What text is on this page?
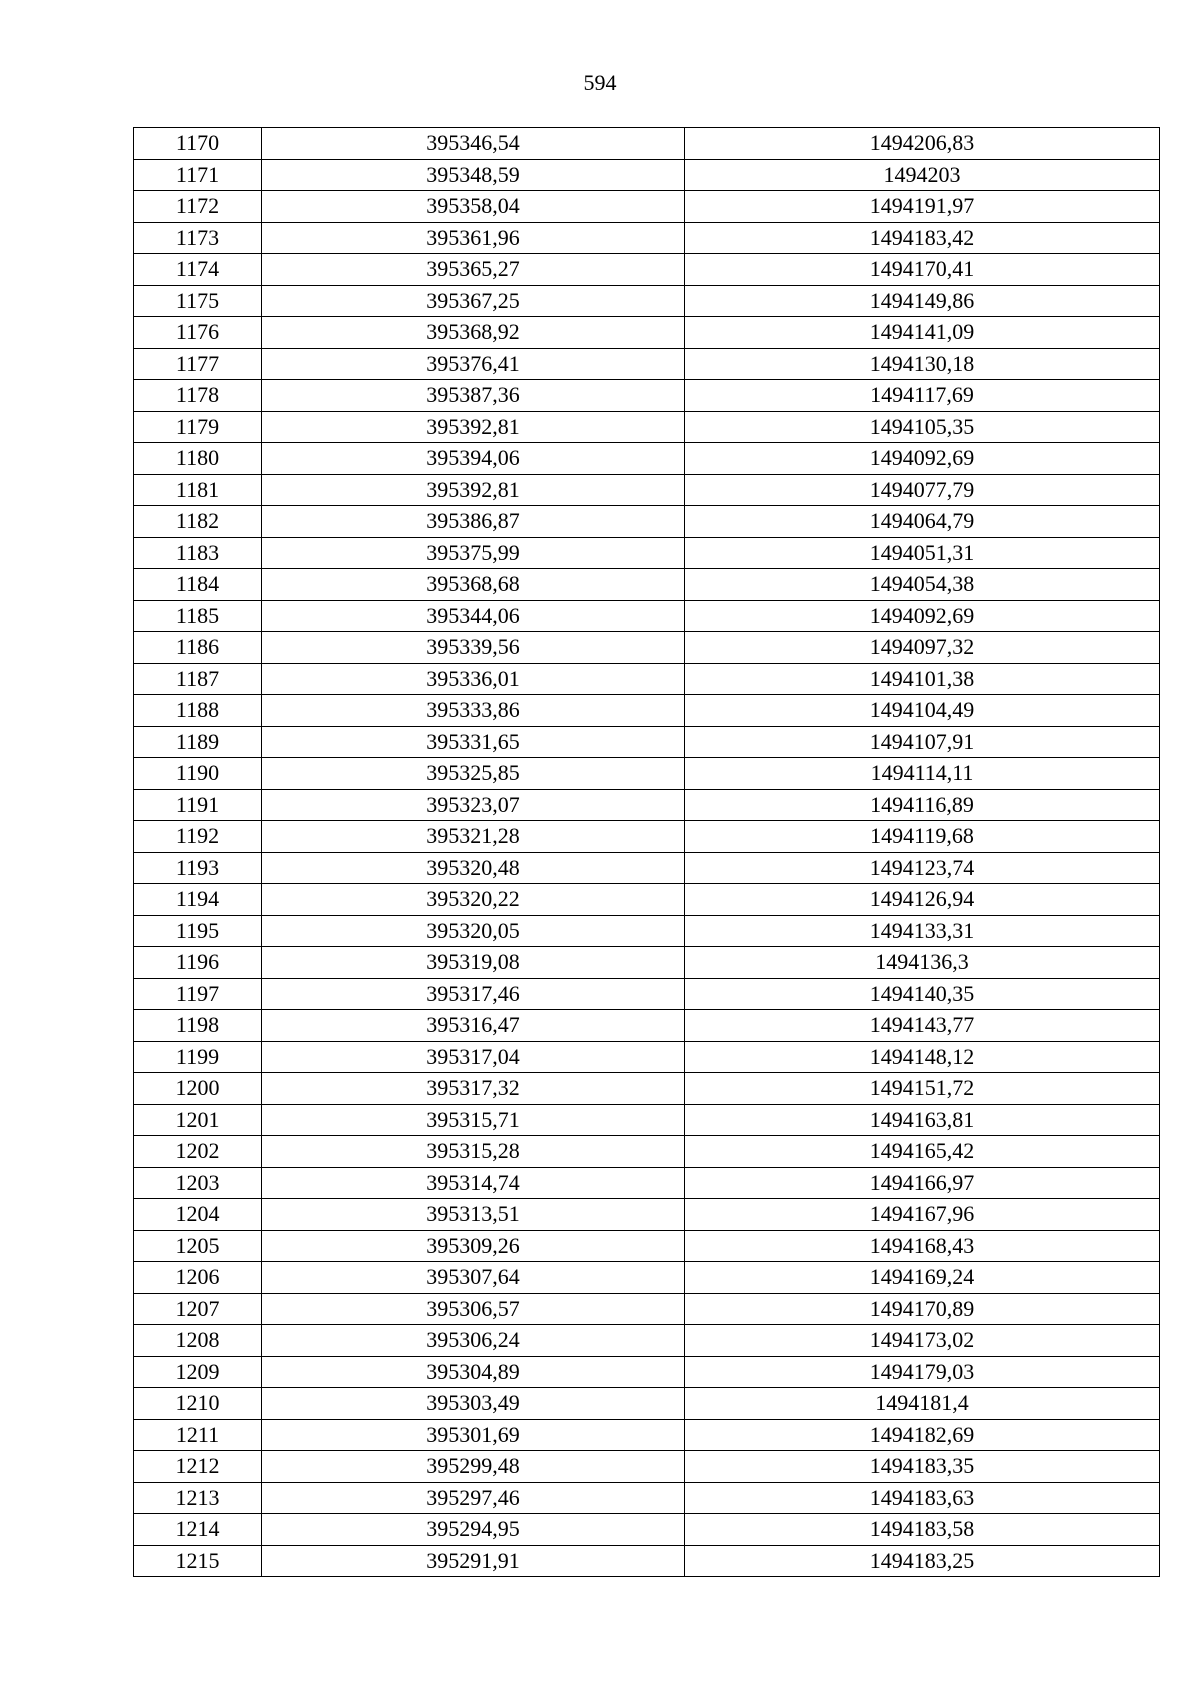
594
1170	395346,54	1494206,83
1171	395348,59	1494203
1172	395358,04	1494191,97
1173	395361,96	1494183,42
1174	395365,27	1494170,41
1175	395367,25	1494149,86
1176	395368,92	1494141,09
1177	395376,41	1494130,18
1178	395387,36	1494117,69
1179	395392,81	1494105,35
1180	395394,06	1494092,69
1181	395392,81	1494077,79
1182	395386,87	1494064,79
1183	395375,99	1494051,31
1184	395368,68	1494054,38
1185	395344,06	1494092,69
1186	395339,56	1494097,32
1187	395336,01	1494101,38
1188	395333,86	1494104,49
1189	395331,65	1494107,91
1190	395325,85	1494114,11
1191	395323,07	1494116,89
1192	395321,28	1494119,68
1193	395320,48	1494123,74
1194	395320,22	1494126,94
1195	395320,05	1494133,31
1196	395319,08	1494136,3
1197	395317,46	1494140,35
1198	395316,47	1494143,77
1199	395317,04	1494148,12
1200	395317,32	1494151,72
1201	395315,71	1494163,81
1202	395315,28	1494165,42
1203	395314,74	1494166,97
1204	395313,51	1494167,96
1205	395309,26	1494168,43
1206	395307,64	1494169,24
1207	395306,57	1494170,89
1208	395306,24	1494173,02
1209	395304,89	1494179,03
1210	395303,49	1494181,4
1211	395301,69	1494182,69
1212	395299,48	1494183,35
1213	395297,46	1494183,63
1214	395294,95	1494183,58
1215	395291,91	1494183,25
